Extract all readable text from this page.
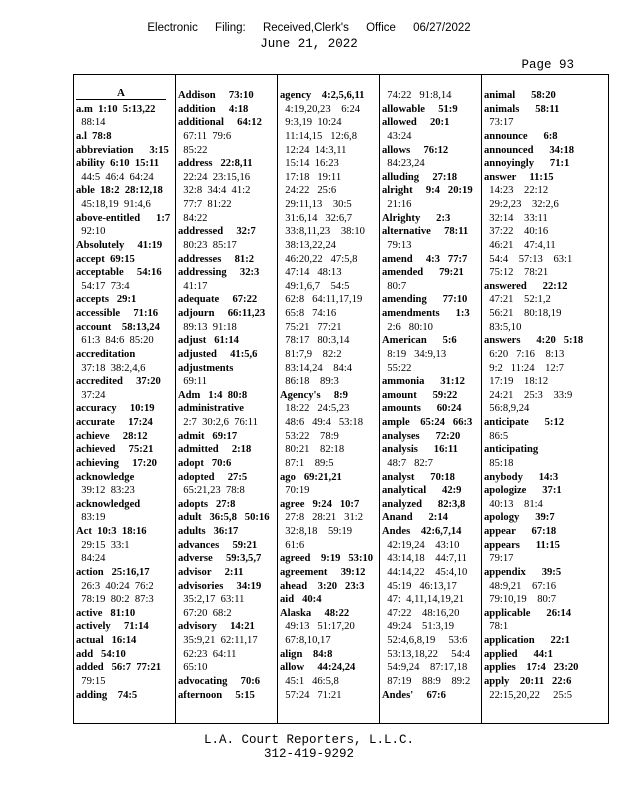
Electronic Filing: Received,Clerk's Office 06/27/2022
June 21, 2022
Page 93
a.m  1:10  5:13,22
88:14
a.l  78:8
abbreviation      3:15
ability  6:10  15:11
44:5  46:4  64:24
able  18:2  28:12,18
45:18,19  91:4,6
above-entitled      1:7
92:10
Absolutely     41:19
accept  69:15
acceptable     54:16
54:17  73:4
accepts   29:1
accessible     71:16
account    58:13,24
61:3  84:6  85:20
accreditation
37:18  38:2,4,6
accredited     37:20
37:24
accuracy     10:19
accurate     17:24
achieve     28:12
achieved     75:21
achieving     17:20
acknowledge
39:12  83:23
acknowledged
83:19
Act  10:3  18:16
29:15  33:1
84:24
action   25:16,17
26:3  40:24  76:2
78:19  80:2  87:3
active   81:10
actively     71:14
actual   16:14
add   54:10
added   56:7  77:21
79:15
adding    74:5
Addison     73:10
addition     4:18
additional     64:12
67:11  79:6
85:22
address   22:8,11
22:24  23:15,16
32:8  34:4  41:2
77:7  81:22
84:22
addressed     32:7
80:23  85:17
addresses     81:2
addressing     32:3
41:17
adequate     67:22
adjourn     66:11,23
89:13  91:18
adjust   61:14
adjusted     41:5,6
adjustments
69:11
Adm   1:4  80:8
administrative
2:7  30:2,6  76:11
admit   69:17
admitted     2:18
adopt   70:6
adopted     27:5
65:21,23  78:8
adopts   27:8
adult   36:5,8   50:16
adults   36:17
advances     59:21
adverse     59:3,5,7
advisor     2:11
advisories     34:19
35:2,17  63:11
67:20  68:2
advisory     14:21
35:9,21  62:11,17
62:23  64:11
65:10
advocating     70:6
afternoon     5:15
agency    4:2,5,6,11
4:19,20,23    6:24
9:3,19  10:24
11:14,15   12:6,8
12:24  14:3,11
15:14  16:23
17:18   19:11
24:22   25:6
29:11,13    30:5
31:6,14   32:6,7
33:8,11,23    38:10
38:13,22,24
46:20,22   47:5,8
47:14   48:13
49:1,6,7    54:5
62:8   64:11,17,19
65:8   74:16
75:21   77:21
78:17   80:3,14
81:7,9    82:2
83:14,24    84:4
86:18    89:3
Agency's     8:9
18:22   24:5,23
48:6   49:4   53:18
53:22    78:9
80:21    82:18
87:1    89:5
ago   69:21,21
70:19
agree   9:24   10:7
27:8   28:21   31:2
32:8,18    59:19
61:6
agreed    9:19   53:10
agreement     39:12
ahead    3:20   23:3
aid   40:4
Alaska     48:22
49:13   51:17,20
67:8,10,17
align    84:8
allow     44:24,24
45:1   46:5,8
57:24   71:21
74:22   91:8,14
allowable     51:9
allowed     20:1
43:24
allows     76:12
84:23,24
alluding     27:18
alright     9:4   20:19
21:16
Alrighty      2:3
alternative     78:11
79:13
amend     4:3   77:7
amended      79:21
80:7
amending      77:10
amendments      1:3
2:6   80:10
American      5:6
8:19   34:9,13
55:22
ammonia      31:12
amount      59:22
amounts      60:24
ample    65:24   66:3
analyses      72:20
analysis      16:11
48:7   82:7
analyst      70:18
analytical      42:9
analyzed      82:3,8
Anand      2:14
Andes    42:6,7,14
42:19,24    43:10
43:14,18    44:7,11
44:14,22    45:4,10
45:19   46:13,17
47:  4,11,14,19,21
47:22    48:16,20
49:24    51:3,19
52:4,6,8,19     53:6
53:13,18,22     54:4
54:9,24    87:17,18
87:19    88:9    89:2
Andes'     67:6
animal      58:20
animals      58:11
73:17
announce      6:8
announced      34:18
annoyingly      71:1
answer     11:15
14:23    22:12
29:2,23    32:2,6
32:14    33:11
37:22    40:16
46:21    47:4,11
54:4    57:13    63:1
75:12    78:21
answered      22:12
47:21    52:1,2
56:21    80:18,19
83:5,10
answers      4:20   5:18
6:20   7:16    8:13
9:2   11:24    12:7
17:19    18:12
24:21    25:3    33:9
56:8,9,24
anticipate      5:12
86:5
anticipating
85:18
anybody      14:3
apologize      37:1
40:13    81:4
apology      39:7
appear      67:18
appears      11:15
79:17
appendix      39:5
48:9,21    67:16
79:10,19    80:7
applicable      26:14
78:1
application      22:1
applied      44:1
applies    17:4   23:20
apply    20:11   22:6
22:15,20,22     25:5
A
L.A. Court Reporters, L.L.C.
312-419-9292
